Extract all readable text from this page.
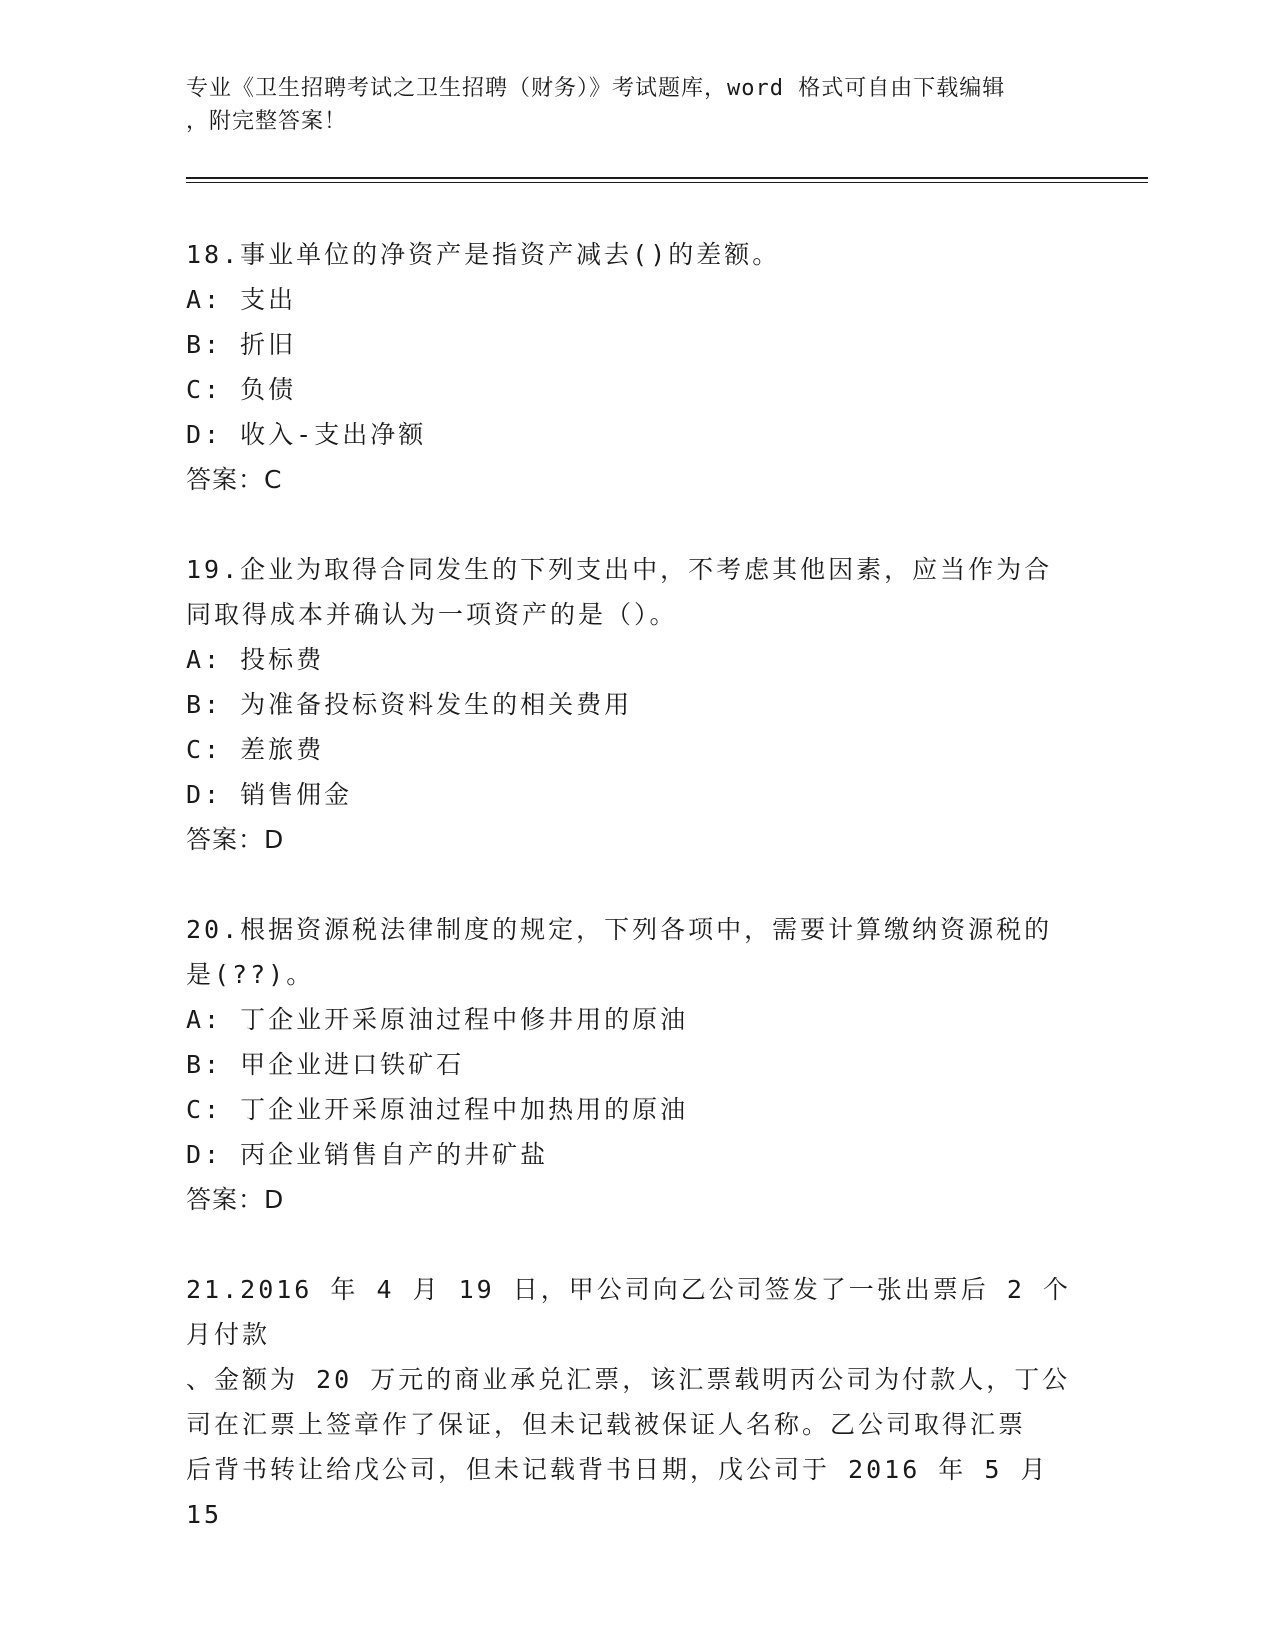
专业《卫生招聘考试之卫生招聘（财务）》考试题库，word 格式可自由下载编辑
，附完整答案！

18.事业单位的净资产是指资产减去()的差额。

A: 支出

B: 折旧

C: 负债

D: 收入-支出净额

答案：C

19.企业为取得合同发生的下列支出中，不考虑其他因素，应当作为合

同取得成本并确认为一项资产的是（）。

A: 投标费

B: 为准备投标资料发生的相关费用

C: 差旅费

D: 销售佣金

答案：D

20.根据资源税法律制度的规定，下列各项中，需要计算缴纳资源税的

是(??)。

A: 丁企业开采原油过程中修井用的原油

B: 甲企业进口铁矿石

C: 丁企业开采原油过程中加热用的原油

D: 丙企业销售自产的井矿盐

答案：D

21.2016 年 4 月 19 日，甲公司向乙公司签发了一张出票后 2 个月付款

、金额为 20 万元的商业承兑汇票，该汇票载明丙公司为付款人，丁公

司在汇票上签章作了保证，但未记载被保证人名称。乙公司取得汇票

后背书转让给戊公司，但未记载背书日期，戊公司于 2016 年 5 月 15
